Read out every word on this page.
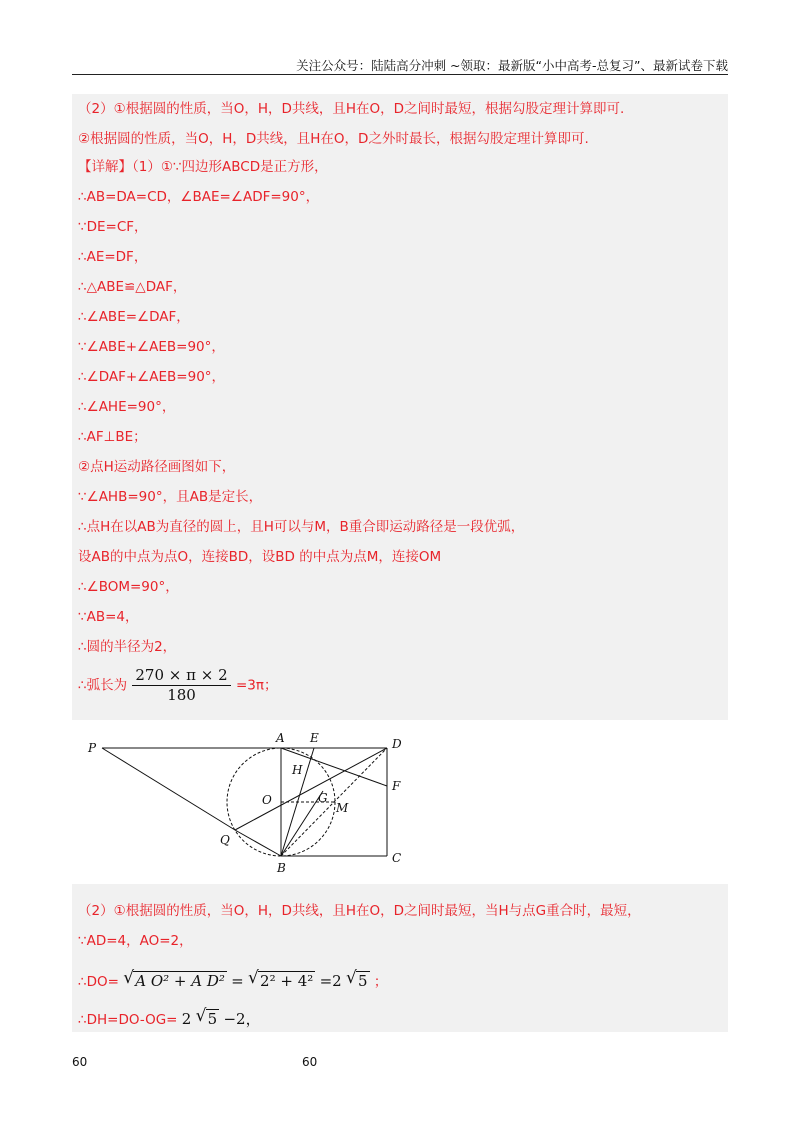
关注公众号：陆陆高分冲刺 ~领取：最新版“小中高考-总复习”、最新试卷下载
（2）①根据圆的性质，当O，H，D共线，且H在O，D之间时最短，根据勾股定理计算即可.
②根据圆的性质，当O，H，D共线，且H在O，D之外时最长，根据勾股定理计算即可.
【详解】（1）①∵四边形ABCD是正方形，
∴AB=DA=CD，∠BAE=∠ADF=90°，
∵DE=CF，
∴AE=DF，
∴△ABE≌△DAF，
∴∠ABE=∠DAF，
∵∠ABE+∠AEB=90°，
∴∠DAF+∠AEB=90°，
∴∠AHE=90°，
∴AF⊥BE；
②点H运动路径画图如下，
∵∠AHB=90°，且AB是定长，
∴点H在以AB为直径的圆上，且H可以与M，B重合即运动路径是一段优弧，
设AB的中点为点O，连接BD，设BD 的中点为点M，连接OM
∴∠BOM=90°，
∵AB=4，
∴圆的半径为2，
∴弧长为 $\frac{270 \times \pi \times 2}{180} =3\pi$；
P
A E	D
H
F
O	G
M
Q
B
C
（2）①根据圆的性质，当O，H，D共线，且H在O，D之间时最短，当H与点G重合时，最短，
∵AD=4，AO=2，
∴DO= √ A O² + A D² = √ 2² + 4² =2 √ 5 ；
∴DH=DO-OG= 2 √ 5 −2，
60	60
